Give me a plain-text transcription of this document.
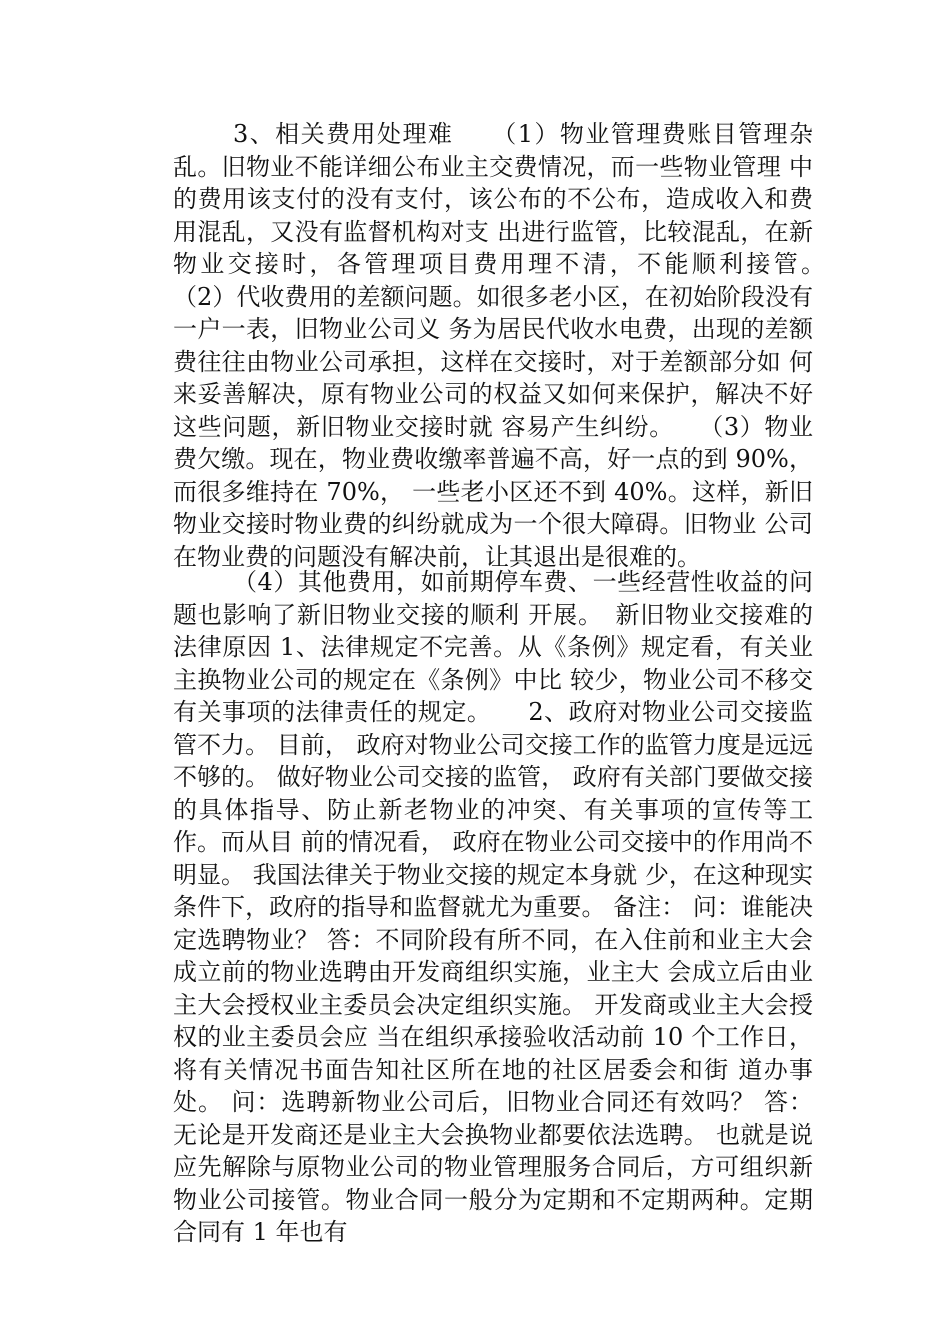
3、相关费用处理难　　（1）物业管理费账目管理杂乱。旧物业不能详细公布业主交费情况，而一些物业管理 中的费用该支付的没有支付，该公布的不公布，造成收入和费用混乱，又没有监督机构对支 出进行监管，比较混乱，在新物业交接时，各管理项目费用理不清，不能顺利接管。　　（2）代收费用的差额问题。如很多老小区，在初始阶段没有一户一表，旧物业公司义 务为居民代收水电费，出现的差额费往往由物业公司承担，这样在交接时，对于差额部分如 何来妥善解决，原有物业公司的权益又如何来保护，解决不好这些问题，新旧物业交接时就 容易产生纠纷。　　（3）物业费欠缴。现在，物业费收缴率普遍不高，好一点的到 90%，而很多维持在 70%， 一些老小区还不到 40%。这样，新旧物业交接时物业费的纠纷就成为一个很大障碍。旧物业 公司在物业费的问题没有解决前，让其退出是很难的。

（4）其他费用，如前期停车费、一些经营性收益的问题也影响了新旧物业交接的顺利 开展。　新旧物业交接难的法律原因 1、法律规定不完善。从《条例》规定看，有关业主换物业公司的规定在《条例》中比 较少，物业公司不移交有关事项的法律责任的规定。　　2、政府对物业公司交接监管不力。 目前， 政府对物业公司交接工作的监管力度是远远不够的。 做好物业公司交接的监管， 政府有关部门要做交接的具体指导、防止新老物业的冲突、有关事项的宣传等工作。而从目 前的情况看， 政府在物业公司交接中的作用尚不明显。 我国法律关于物业交接的规定本身就 少，在这种现实条件下，政府的指导和监督就尤为重要。 备注： 问：谁能决定选聘物业？ 答：不同阶段有所不同，在入住前和业主大会成立前的物业选聘由开发商组织实施，业主大 会成立后由业主大会授权业主委员会决定组织实施。 开发商或业主大会授权的业主委员会应 当在组织承接验收活动前 10 个工作日，将有关情况书面告知社区所在地的社区居委会和街 道办事处。 问：选聘新物业公司后，旧物业合同还有效吗？ 答： 无论是开发商还是业主大会换物业都要依法选聘。 也就是说应先解除与原物业公司的物业管理服务合同后，方可组织新物业公司接管。物业合同一般分为定期和不定期两种。定期 合同有 1 年也有
